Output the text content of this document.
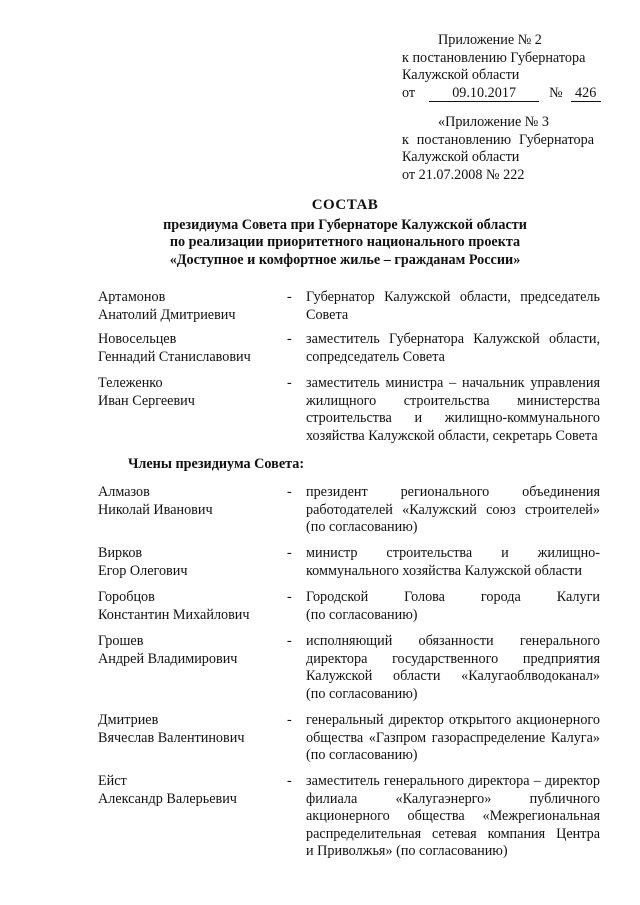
Приложение № 2
к постановлению Губернатора
Калужской области
от	09.10.2017 № 426
«Приложение № 3
к постановлению Губернатора
Калужской области
от 21.07.2008 № 222
СОСТАВ
президиума Совета при Губернаторе Калужской области
по реализации приоритетного национального проекта
«Доступное и комфортное жилье – гражданам России»
Артамонов
Анатолий Дмитриевич
-	Губернатор Калужской области, председатель
Совета
Новосельцев
Геннадий Станиславович
-	заместитель Губернатора Калужской области,
сопредседатель Совета
Тележенко
Иван Сергеевич
-	заместитель министра – начальник управления
жилищного строительства министерства
строительства и жилищно-коммунального
хозяйства Калужской области, секретарь Совета
Члены президиума Совета:
Алмазов
Николай Иванович
-	президент регионального объединения
работодателей «Калужский союз строителей»
(по согласованию)
Вирков
Егор Олегович
-	министр строительства и жилищно-
коммунального хозяйства Калужской области
Горобцов
Константин Михайлович
-	Городской Голова города Калуги
(по согласованию)
Грошев
Андрей Владимирович
-	исполняющий обязанности генерального
директора государственного предприятия
Калужской области «Калугаоблводоканал»
(по согласованию)
Дмитриев
Вячеслав Валентинович
-	генеральный директор открытого акционерного
общества «Газпром газораспределение Калуга»
(по согласованию)
Ейст
Александр Валерьевич
-	заместитель генерального директора – директор
филиала «Калугаэнерго» публичного
акционерного общества «Межрегиональная
распределительная сетевая компания Центра
и Приволжья» (по согласованию)
